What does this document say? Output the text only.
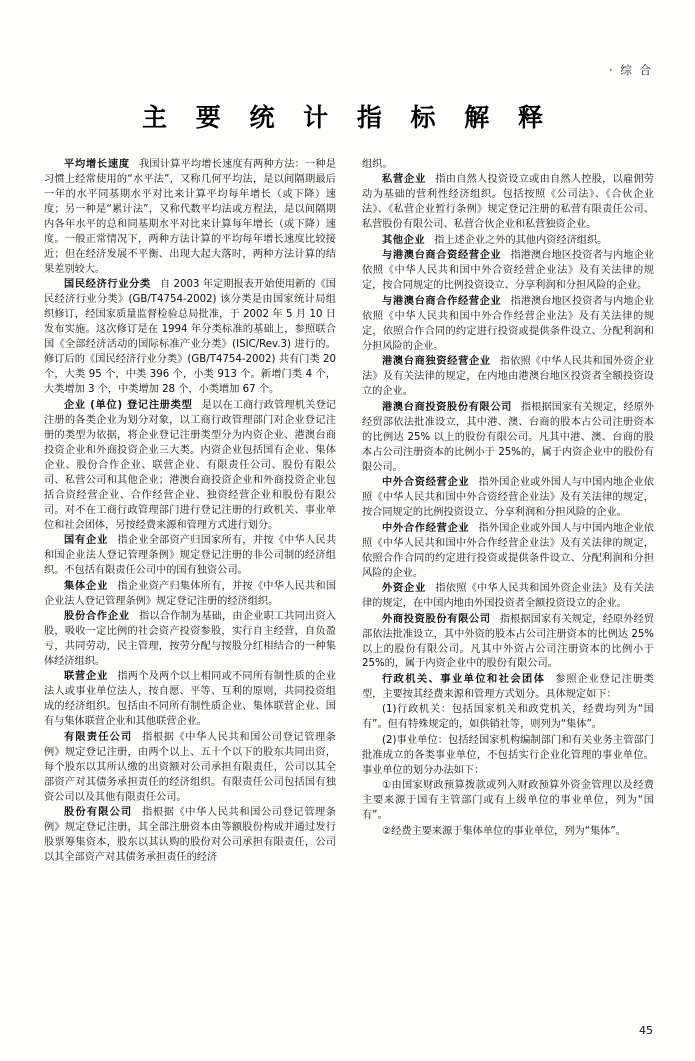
· 综 合
主 要 统 计 指 标 解 释
平均增长速度 我国计算平均增长速度有两种方法：一种是习惯上经常使用的“水平法”，又称几何平均法，是以间隔期最后一年的水平同基期水平对比来计算平均每年增长（或下降）速度；另一种是“累计法”，又称代数平均法或方程法，是以间隔期内各年水平的总和同基期水平对比来计算每年增长（或下降）速度。一般正常情况下，两种方法计算的平均每年增长速度比较接近；但在经济发展不平衡、出现大起大落时，两种方法计算的结果差别较大。
国民经济行业分类 自 2003 年定期报表开始使用新的《国民经济行业分类》(GB/T4754-2002) 该分类是由国家统计局组织修订，经国家质量监督检验总局批准，于 2002 年 5 月 10 日发布实施。这次修订是在 1994 年分类标准的基础上，参照联合国《全部经济活动的国际标准产业分类》(ISIC/Rev.3) 进行的。修订后的《国民经济行业分类》(GB/T4754-2002) 共有门类 20 个，大类 95 个，中类 396 个，小类 913 个。新增门类 4 个，大类增加 3 个，中类增加 28 个，小类增加 67 个。
企业 (单位) 登记注册类型 是以在工商行政管理机关登记注册的各类企业为划分对象，以工商行政管理部门对企业登记注册的类型为依据，将企业登记注册类型分为内资企业、港澳台商投资企业和外商投资企业三大类。内资企业包括国有企业、集体企业、股份合作企业、联营企业、有限责任公司、股份有限公司、私营公司和其他企业；港澳台商投资企业和外商投资企业包括合资经营企业、合作经营企业、独资经营企业和股份有限公司。对不在工商行政管理部门进行登记注册的行政机关、事业单位和社会团体，另按经费来源和管理方式进行划分。
国有企业 指企业全部资产归国家所有，并按《中华人民共和国企业法人登记管理条例》规定登记注册的非公司制的经济组织。不包括有限责任公司中的国有独资公司。
集体企业 指企业资产归集体所有，并按《中华人民共和国企业法人登记管理条例》规定登记注册的经济组织。
股份合作企业 指以合作制为基础，由企业职工共同出资入股，吸收一定比例的社会资产投资参股，实行自主经营，自负盈亏，共同劳动，民主管理，按劳分配与按股分红相结合的一种集体经济组织。
联营企业 指两个及两个以上相同或不同所有制性质的企业法人或事业单位法人，按自愿、平等、互利的原则，共同投资组成的经济组织。包括由不同所有制性质企业、集体联营企业、国有与集体联营企业和其他联营企业。
有限责任公司 指根据《中华人民共和国公司登记管理条例》规定登记注册，由两个以上、五十个以下的股东共同出资，每个股东以其所认缴的出资额对公司承担有限责任，公司以其全部资产对其债务承担责任的经济组织。有限责任公司包括国有独资公司以及其他有限责任公司。
股份有限公司 指根据《中华人民共和国公司登记管理条例》规定登记注册，其全部注册资本由等额股份构成并通过发行股票筹集资本，股东以其认购的股份对公司承担有限责任，公司以其全部资产对其债务承担责任的经济
组织。
私营企业 指由自然人投资设立或由自然人控股，以雇佣劳动为基础的营利性经济组织。包括按照《公司法》、《合伙企业法》、《私营企业暂行条例》规定登记注册的私营有限责任公司、私营股份有限公司、私营合伙企业和私营独资企业。
其他企业 指上述企业之外的其他内资经济组织。
与港澳台商合资经营企业 指港澳台地区投资者与内地企业依照《中华人民共和国中外合资经营企业法》及有关法律的规定，按合同规定的比例投资设立、分享利润和分担风险的企业。
与港澳台商合作经营企业 指港澳台地区投资者与内地企业依照《中华人民共和国中外合作经营企业法》及有关法律的规定，依照合作合同的约定进行投资或提供条件设立、分配利润和分担风险的企业。
港澳台商独资经营企业 指依照《中华人民共和国外资企业法》及有关法律的规定，在内地由港澳台地区投资者全额投资设立的企业。
港澳台商投资股份有限公司 指根据国家有关规定，经原外经贸部依法批准设立，其中港、澳、台商的股本占公司注册资本的比例达 25% 以上的股份有限公司。凡其中港、澳、台商的股本占公司注册资本的比例小于 25%的，属于内资企业中的股份有限公司。
中外合资经营企业 指外国企业或外国人与中国内地企业依照《中华人民共和国中外合资经营企业法》及有关法律的规定，按合同规定的比例投资设立、分享利润和分担风险的企业。
中外合作经营企业 指外国企业或外国人与中国内地企业依照《中华人民共和国中外合作经营企业法》及有关法律的规定，依照合作合同的约定进行投资或提供条件设立、分配利润和分担风险的企业。
外资企业 指依照《中华人民共和国外资企业法》及有关法律的规定，在中国内地由外国投资者全额投资设立的企业。
外商投资股份有限公司 指根据国家有关规定，经原外经贸部依法批准设立，其中外资的股本占公司注册资本的比例达 25% 以上的股份有限公司。凡其中外资占公司注册资本的比例小于 25%的，属于内资企业中的股份有限公司。
行政机关、事业单位和社会团体 参照企业登记注册类型，主要按其经费来源和管理方式划分。具体规定如下：
(1)行政机关：包括国家机关和政党机关，经费均列为“国有”。但有特殊规定的，如供销社等，则列为“集体”。
(2)事业单位：包括经国家机构编制部门和有关业务主管部门批准成立的各类事业单位，不包括实行企业化管理的事业单位。事业单位的划分办法如下：
①由国家财政预算拨款或列入财政预算外资金管理以及经费主要来源于国有主管部门或有上级单位的事业单位，列为“国有”。
②经费主要来源于集体单位的事业单位，列为“集体”。
45
